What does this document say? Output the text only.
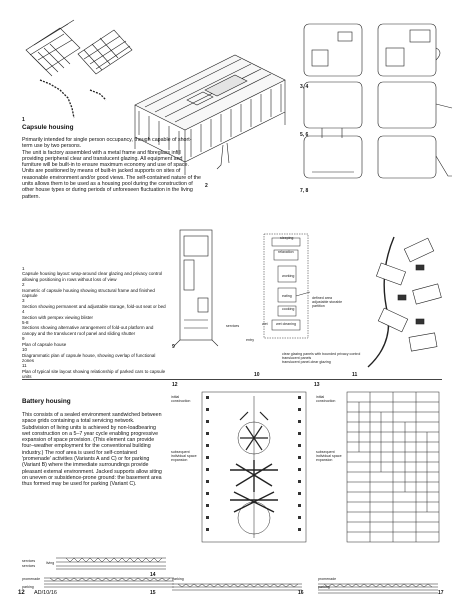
2
3, 4
5, 6
7, 8
1
Capsule housing
Primarily intended for single person occupancy, though capable of short-term use by two persons.
The unit is factory assembled with a metal frame and fibreglass infill providing peripheral clear and translucent glazing. All equipment and furniture will be built-in to ensure maximum economy and use of space.
Units are positioned by means of built-in jacked supports on sites of reasonable environment and/or good views. The self-contained nature of the units allows them to be used as a housing pool during the construction of other house types or during periods of unforeseen fluctuation in the living pattern.
1
Capsule housing layout: wrap-around clear glazing and privacy control allowing positioning in rows without loss of view
2
Isometric of capsule housing showing structural frame and finished capsule
3
Section showing permanent and adjustable storage, fold-out seat or bed
4
Section with perspex viewing blister
5-8
Sections showing alternative arrangement of fold-out platform and canopy and the translucent roof panel and sliding shutter
9
Plan of capsule house
10
Diagrammatic plan of capsule house, showing overlap of functional zones
11
Plan of typical site layout showing relationship of parked cars to capsule units
9
sleeping
relaxation
working
eating
cooking
wet cleaning
wet
services
entry
defined area
adjustable storable partition
clear glazing panels with bounded privacy control
translucent panels
translucent panel-clear glazing
10	11
Battery housing
This consists of a sealed environment sandwiched between space grids containing a total servicing network. Subdivision of living units is achieved by non-loadbearing wet construction on a 5–7 year cycle enabling progressive expansion of space provision. (This element can provide four–weather employment for the conventional building industry.) The roof area is used for self-contained 'promenade' activities (Variants A and C) or for parking (Variant B) where the immediate surroundings provide pleasant external environment. Jacked supports allow siting on uneven or subsidence-prone ground: the basement area thus formed may be used for parking (Variant C).
12	13
initial construction
subsequent individual space expansion
initial construction
subsequent individual space expansion
services
services
living
14
promenade
parking
15
parking
16
promenade
parking
17
12 AD/10/16
